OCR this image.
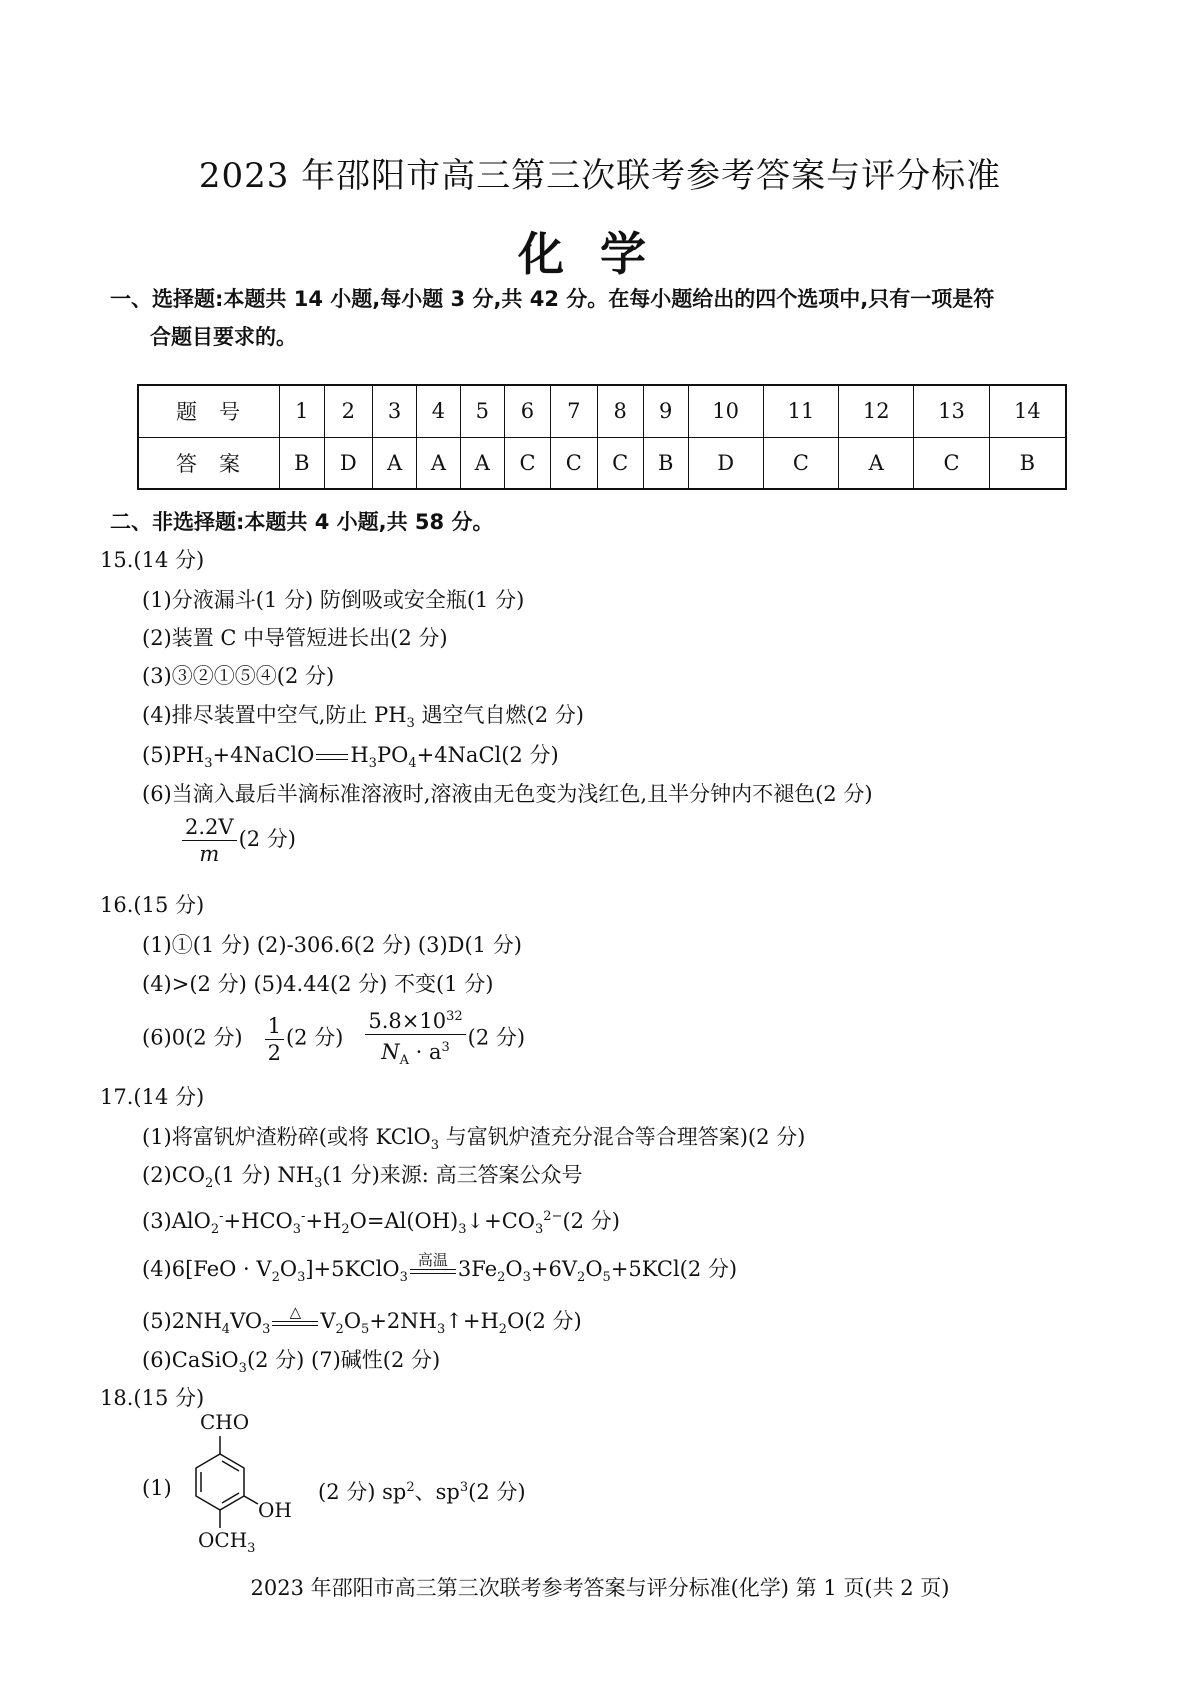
2023 年邵阳市高三第三次联考参考答案与评分标准
化学
一、选择题:本题共 14 小题,每小题 3 分,共 42 分。在每小题给出的四个选项中,只有一项是符
合题目要求的。
题号	1	2	3	4	5	6	7	8	9	10	11	12	13	14
答案	B	D	A	A	A	C	C	C	B	D	C	A	C	B
二、非选择题:本题共 4 小题,共 58 分。
15.(14 分)
(1)分液漏斗(1 分) 防倒吸或安全瓶(1 分)
(2)装置 C 中导管短进长出(2 分)
(3)③②①⑤④(2 分)
(4)排尽装置中空气,防止 $PH_3$ 遇空气自燃(2 分)
$(5)PH_3+4NaClO$ $H_3PO_4+4NaCl(2$ 分)
(6)当滴入最后半滴标准溶液时,溶液由无色变为浅红色,且半分钟内不褪色(2 分)
$\frac{2.2V}{m} (2$ 分)
16.(15 分)
(1)①(1 分) (2)-306.6(2 分) (3)D(1 分)
(4)>(2 分) (5)4.44(2 分) 不变(1 分)
(6)0(2 分) $\frac{1}{2} (2$ 分) $\frac{5.8\times 10^{32}}{N_A \cdot a^3} (2$ 分)
17.(14 分)
(1)将富钒炉渣粉碎(或将 KClO$_3$ 与富钒炉渣充分混合等合理答案)(2 分)
$(2)CO_2(1$ 分) $NH_3(1$ 分)来源: 高三答案公众号
$(3)AlO_2^-+HCO_3^-+H_2O=Al(OH)_3↓+CO_3^{2-}(2$ 分)
$(4)6[FeO \cdot V_2O_3]+5KClO_3$
高温 $3Fe_2O_3+6V_2O_5+5KCl(2$ 分)
$(5)2NH_4VO_3$
△ $V_2O_5+2NH_3↑+H_2O(2$ 分)
(6)CaSiO$_3$(2 分) (7)碱性(2 分)
18.(15 分)
(1)
CHO
OH
$OCH_3$
(2 分) $sp^2$、$sp^3(2$ 分)
2023 年邵阳市高三第三次联考参考答案与评分标准(化学) 第 1 页(共 2 页)
